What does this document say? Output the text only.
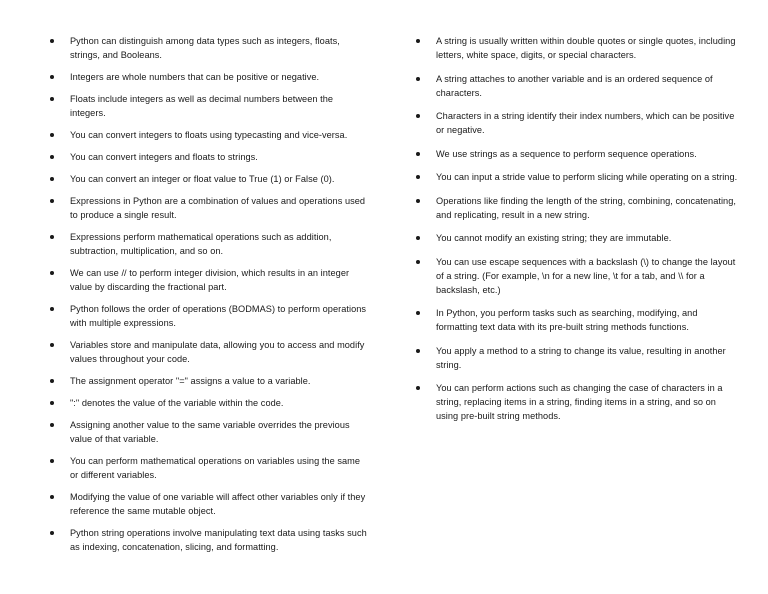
Python can distinguish among data types such as integers, floats, strings, and Booleans.
Integers are whole numbers that can be positive or negative.
Floats include integers as well as decimal numbers between the integers.
You can convert integers to floats using typecasting and vice-versa.
You can convert integers and floats to strings.
You can convert an integer or float value to True (1) or False (0).
Expressions in Python are a combination of values and operations used to produce a single result.
Expressions perform mathematical operations such as addition, subtraction, multiplication, and so on.
We can use // to perform integer division, which results in an integer value by discarding the fractional part.
Python follows the order of operations (BODMAS) to perform operations with multiple expressions.
Variables store and manipulate data, allowing you to access and modify values throughout your code.
The assignment operator "=" assigns a value to a variable.
":" denotes the value of the variable within the code.
Assigning another value to the same variable overrides the previous value of that variable.
You can perform mathematical operations on variables using the same or different variables.
Modifying the value of one variable will affect other variables only if they reference the same mutable object.
Python string operations involve manipulating text data using tasks such as indexing, concatenation, slicing, and formatting.
A string is usually written within double quotes or single quotes, including letters, white space, digits, or special characters.
A string attaches to another variable and is an ordered sequence of characters.
Characters in a string identify their index numbers, which can be positive or negative.
We use strings as a sequence to perform sequence operations.
You can input a stride value to perform slicing while operating on a string.
Operations like finding the length of the string, combining, concatenating, and replicating, result in a new string.
You cannot modify an existing string; they are immutable.
You can use escape sequences with a backslash (\) to change the layout of a string. (For example, \n for a new line, \t for a tab, and \\ for a backslash, etc.)
In Python, you perform tasks such as searching, modifying, and formatting text data with its pre-built string methods functions.
You apply a method to a string to change its value, resulting in another string.
You can perform actions such as changing the case of characters in a string, replacing items in a string, finding items in a string, and so on using pre-built string methods.
